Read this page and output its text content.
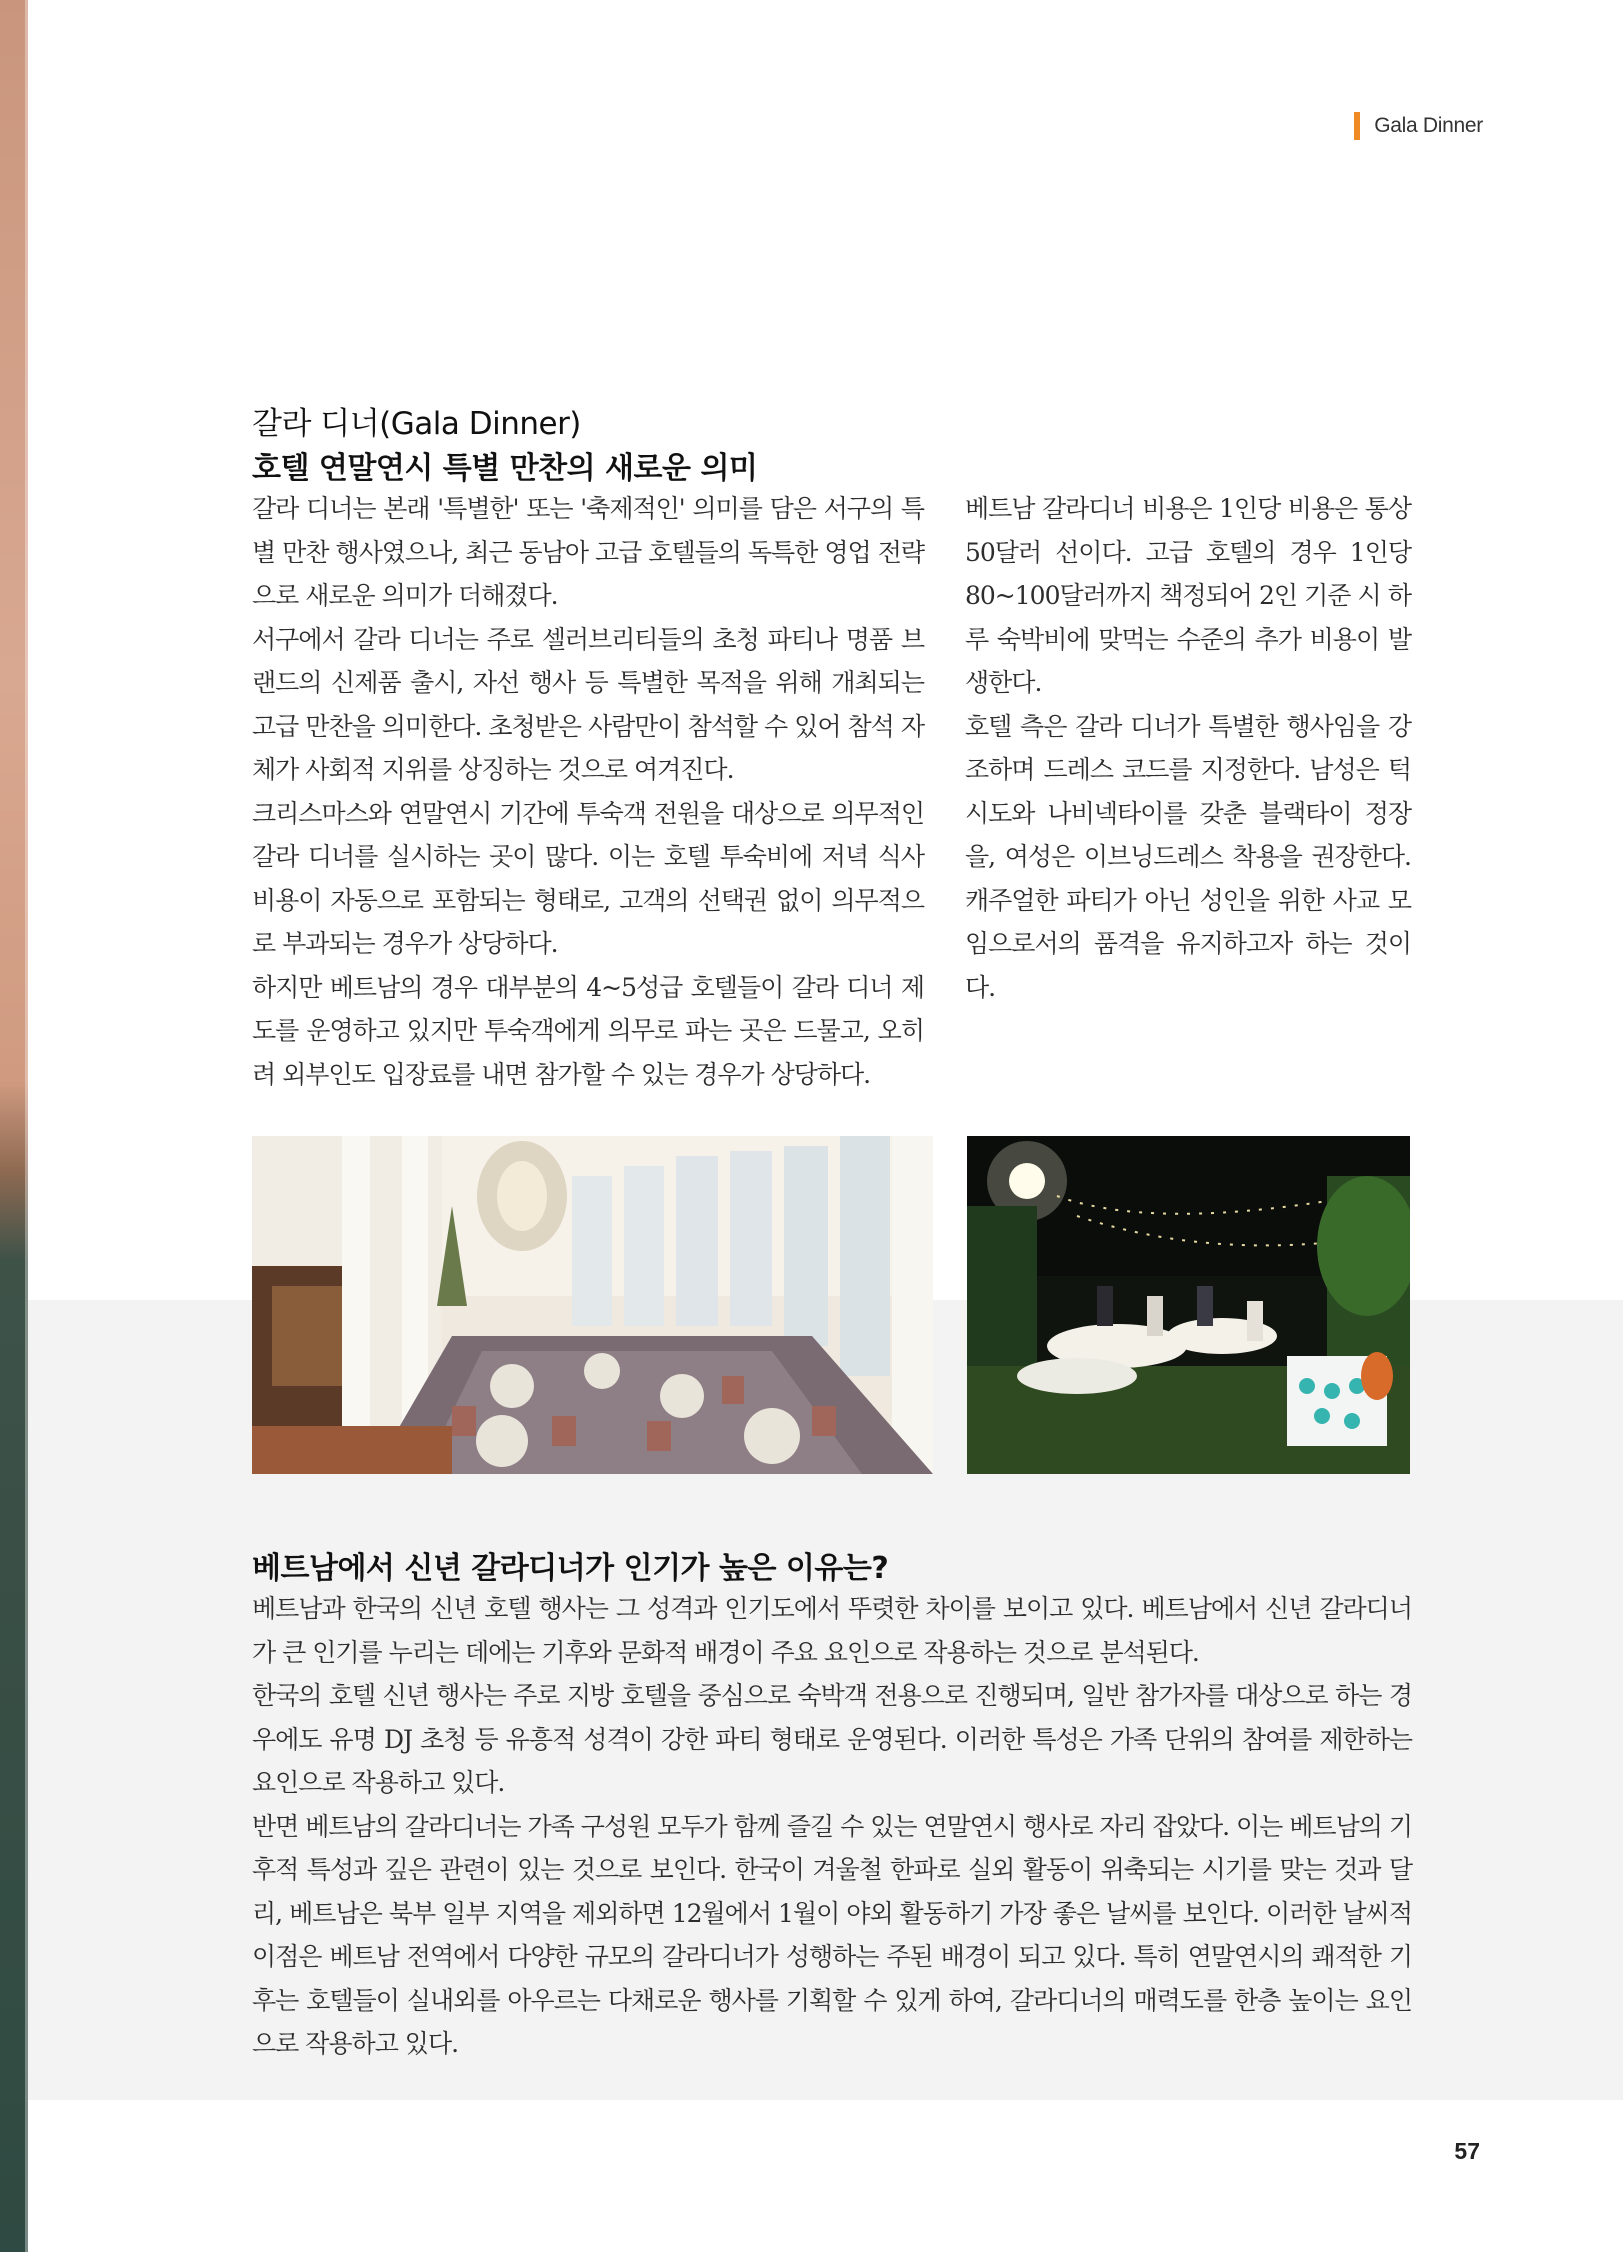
Gala Dinner
갈라 디너(Gala Dinner)
호텔 연말연시 특별 만찬의 새로운 의미

갈라 디너는 본래 '특별한' 또는 '축제적인' 의미를 담은 서구의 특별 만찬 행사였으나, 최근 동남아 고급 호텔들의 독특한 영업 전략으로 새로운 의미가 더해졌다.

서구에서 갈라 디너는 주로 셀러브리티들의 초청 파티나 명품 브랜드의 신제품 출시, 자선 행사 등 특별한 목적을 위해 개최되는 고급 만찬을 의미한다. 초청받은 사람만이 참석할 수 있어 참석 자체가 사회적 지위를 상징하는 것으로 여겨진다.

크리스마스와 연말연시 기간에 투숙객 전원을 대상으로 의무적인 갈라 디너를 실시하는 곳이 많다. 이는 호텔 투숙비에 저녁 식사 비용이 자동으로 포함되는 형태로, 고객의 선택권 없이 의무적으로 부과되는 경우가 상당하다.

하지만 베트남의 경우 대부분의 4~5성급 호텔들이 갈라 디너 제도를 운영하고 있지만 투숙객에게 의무로 파는 곳은 드물고, 오히려 외부인도 입장료를 내면 참가할 수 있는 경우가 상당하다.

베트남 갈라디너 비용은 1인당 비용은 통상 50달러 선이다. 고급 호텔의 경우 1인당 80~100달러까지 책정되어 2인 기준 시 하루 숙박비에 맞먹는 수준의 추가 비용이 발생한다.

호텔 측은 갈라 디너가 특별한 행사임을 강조하며 드레스 코드를 지정한다. 남성은 턱시도와 나비넥타이를 갖춘 블랙타이 정장을, 여성은 이브닝드레스 착용을 권장한다. 캐주얼한 파티가 아닌 성인을 위한 사교 모임으로서의 품격을 유지하고자 하는 것이다.

베트남에서 신년 갈라디너가 인기가 높은 이유는?

베트남과 한국의 신년 호텔 행사는 그 성격과 인기도에서 뚜렷한 차이를 보이고 있다. 베트남에서 신년 갈라디너가 큰 인기를 누리는 데에는 기후와 문화적 배경이 주요 요인으로 작용하는 것으로 분석된다.

한국의 호텔 신년 행사는 주로 지방 호텔을 중심으로 숙박객 전용으로 진행되며, 일반 참가자를 대상으로 하는 경우에도 유명 DJ 초청 등 유흥적 성격이 강한 파티 형태로 운영된다. 이러한 특성은 가족 단위의 참여를 제한하는 요인으로 작용하고 있다.

반면 베트남의 갈라디너는 가족 구성원 모두가 함께 즐길 수 있는 연말연시 행사로 자리 잡았다. 이는 베트남의 기후적 특성과 깊은 관련이 있는 것으로 보인다. 한국이 겨울철 한파로 실외 활동이 위축되는 시기를 맞는 것과 달리, 베트남은 북부 일부 지역을 제외하면 12월에서 1월이 야외 활동하기 가장 좋은 날씨를 보인다. 이러한 날씨적 이점은 베트남 전역에서 다양한 규모의 갈라디너가 성행하는 주된 배경이 되고 있다. 특히 연말연시의 쾌적한 기후는 호텔들이 실내외를 아우르는 다채로운 행사를 기획할 수 있게 하여, 갈라디너의 매력도를 한층 높이는 요인으로 작용하고 있다.

57
